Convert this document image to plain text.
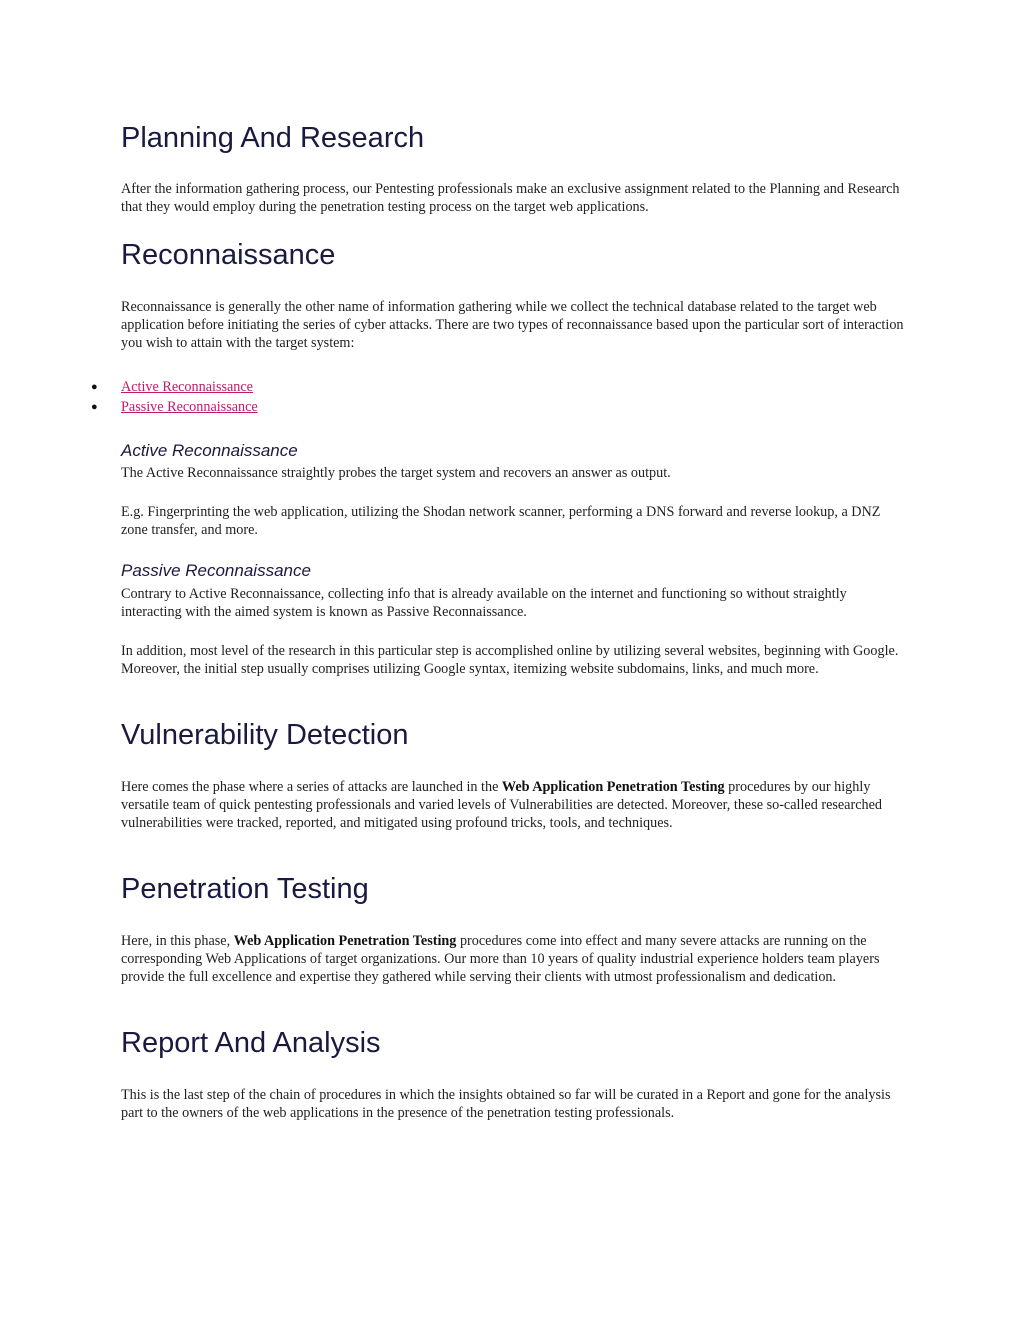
Planning And Research

After the information gathering process, our Pentesting professionals make an exclusive assignment related to the Planning and Research that they would employ during the penetration testing process on the target web applications.

Reconnaissance

Reconnaissance is generally the other name of information gathering while we collect the technical database related to the target web application before initiating the series of cyber attacks. There are two types of reconnaissance based upon the particular sort of interaction you wish to attain with the target system:

● Active Reconnaissance
● Passive Reconnaissance
Active Reconnaissance

The Active Reconnaissance straightly probes the target system and recovers an answer as output.

E.g. Fingerprinting the web application, utilizing the Shodan network scanner, performing a DNS forward and reverse lookup, a DNZ zone transfer, and more.

Passive Reconnaissance

Contrary to Active Reconnaissance, collecting info that is already available on the internet and functioning so without straightly interacting with the aimed system is known as Passive Reconnaissance.

In addition, most level of the research in this particular step is accomplished online by utilizing several websites, beginning with Google. Moreover, the initial step usually comprises utilizing Google syntax, itemizing website subdomains, links, and much more.

Vulnerability Detection

Here comes the phase where a series of attacks are launched in the Web Application Penetration Testing procedures by our highly versatile team of quick pentesting professionals and varied levels of Vulnerabilities are detected. Moreover, these so-called researched vulnerabilities were tracked, reported, and mitigated using profound tricks, tools, and techniques.

Penetration Testing

Here, in this phase, Web Application Penetration Testing procedures come into effect and many severe attacks are running on the corresponding Web Applications of target organizations. Our more than 10 years of quality industrial experience holders team players provide the full excellence and expertise they gathered while serving their clients with utmost professionalism and dedication.

Report And Analysis

This is the last step of the chain of procedures in which the insights obtained so far will be curated in a Report and gone for the analysis part to the owners of the web applications in the presence of the penetration testing professionals.
